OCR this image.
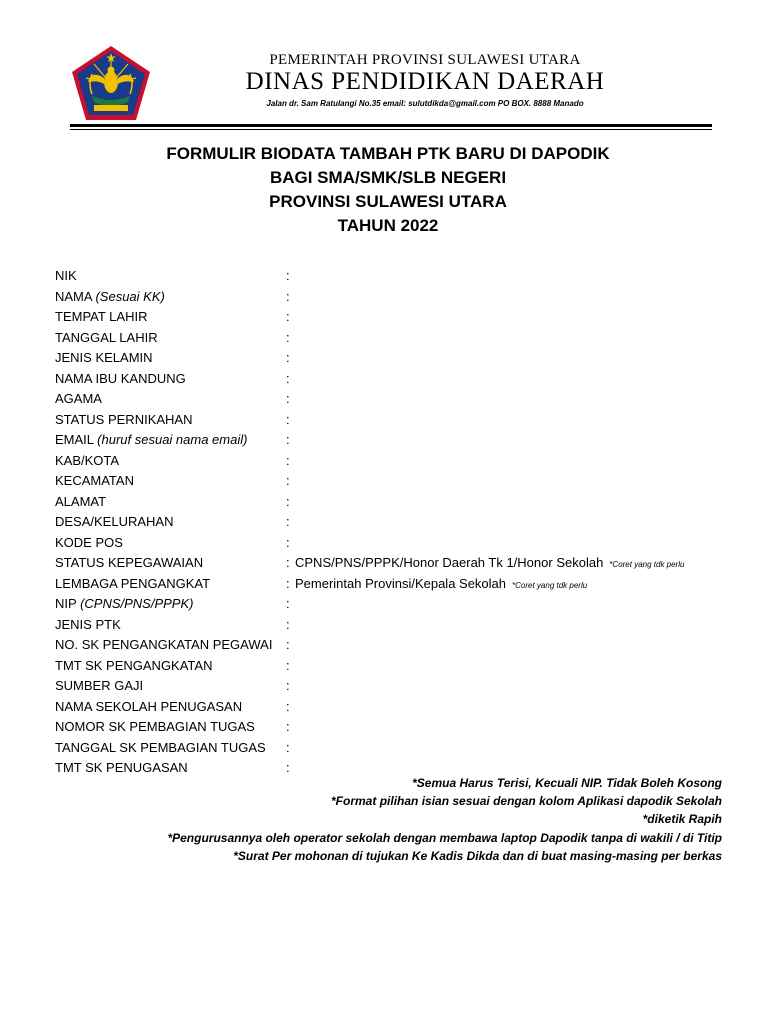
PEMERINTAH PROVINSI SULAWESI UTARA
DINAS PENDIDIKAN DAERAH
Jalan dr. Sam Ratulangi No.35 email: sulutdikda@gmail.com PO BOX. 8888 Manado
FORMULIR BIODATA TAMBAH PTK BARU DI DAPODIK
BAGI SMA/SMK/SLB NEGERI
PROVINSI SULAWESI UTARA
TAHUN 2022
NIK	:
NAMA (Sesuai KK)	:
TEMPAT LAHIR	:
TANGGAL LAHIR	:
JENIS KELAMIN	:
NAMA IBU KANDUNG	:
AGAMA	:
STATUS PERNIKAHAN	:
EMAIL (huruf sesuai nama email)	:
KAB/KOTA	:
KECAMATAN	:
ALAMAT	:
DESA/KELURAHAN	:
KODE POS	:
STATUS KEPEGAWAIAN	: CPNS/PNS/PPPK/Honor Daerah Tk 1/Honor Sekolah *Coret yang tdk perlu
LEMBAGA PENGANGKAT	: Pemerintah Provinsi/Kepala Sekolah *Coret yang tdk perlu
NIP (CPNS/PNS/PPPK)	:
JENIS PTK	:
NO. SK PENGANGKATAN PEGAWAI :
TMT SK PENGANGKATAN	:
SUMBER GAJI	:
NAMA SEKOLAH PENUGASAN	:
NOMOR SK PEMBAGIAN TUGAS :
TANGGAL SK PEMBAGIAN TUGAS :
TMT SK PENUGASAN	:
*Semua Harus Terisi, Kecuali NIP. Tidak Boleh Kosong
*Format pilihan isian sesuai dengan kolom Aplikasi dapodik Sekolah
*diketik Rapih
*Pengurusannya oleh operator sekolah dengan membawa laptop Dapodik tanpa di wakili / di Titip
*Surat Per mohonan di tujukan Ke Kadis Dikda dan di buat masing-masing per berkas
